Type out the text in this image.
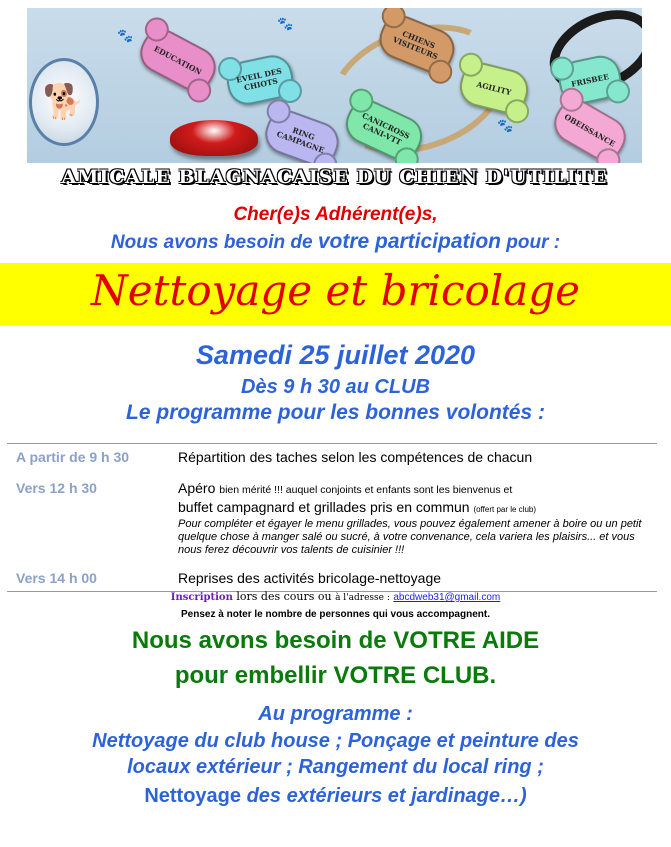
🐾
🐾
🐾
🐕
EDUCATION	EVEIL DES CHIOTS
RING CAMPAGNE
CANICROSS CANI-VTT
CHIENS VISITEURS
AGILITY	FRISBEE
OBEISSANCE
AMICALE BLAGNACAISE DU CHIEN D'UTILITE
Cher(e)s Adhérent(e)s,
Nous avons besoin de votre participation pour :
Nettoyage et bricolage
Samedi 25 juillet 2020
Dès 9 h 30 au CLUB
Le programme pour les bonnes volontés :
A partir de 9 h 30	Répartition des taches selon les compétences de chacun
Vers 12 h 30	Apéro bien mérité !!! auquel conjoints et enfants sont les bienvenus et
buffet campagnard et grillades pris en commun (offert par le club)
Pour compléter et égayer le menu grillades, vous pouvez également amener à boire ou un petit quelque chose à manger salé ou sucré, à votre convenance, cela variera les plaisirs... et vous nous ferez découvrir vos talents de cuisinier !!!
Vers 14 h 00	Reprises des activités bricolage-nettoyage
Inscription lors des cours ou à l'adresse : abcdweb31@gmail.com
Pensez à noter le nombre de personnes qui vous accompagnent.
Nous avons besoin de VOTRE AIDE
pour embellir VOTRE CLUB.
Au programme :
Nettoyage du club house ; Ponçage et peinture des
locaux extérieur ; Rangement du local ring ;
Nettoyage des extérieurs et jardinage…)
